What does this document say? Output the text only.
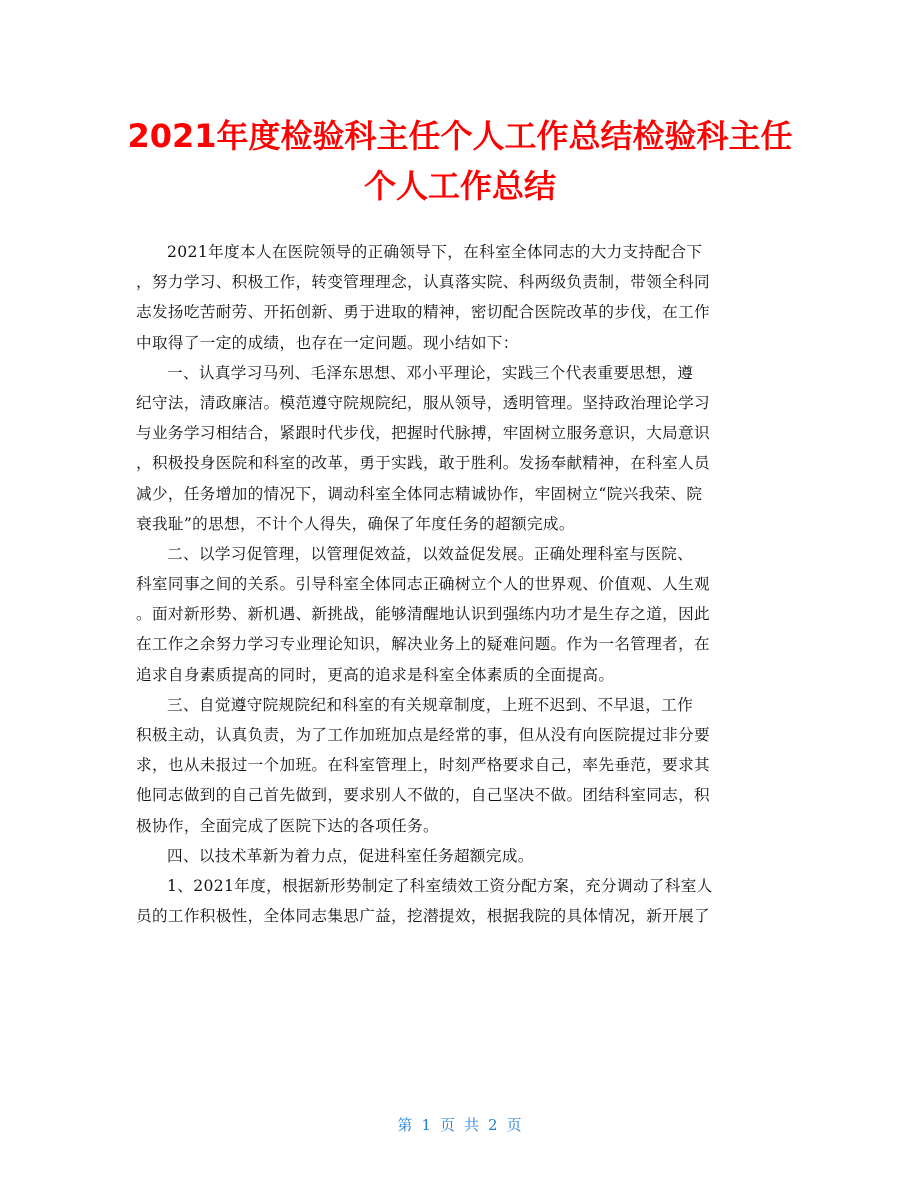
2021年度检验科主任个人工作总结检验科主任
个人工作总结
2021年度本人在医院领导的正确领导下，在科室全体同志的大力支持配合下
，努力学习、积极工作，转变管理理念，认真落实院、科两级负责制，带领全科同
志发扬吃苦耐劳、开拓创新、勇于进取的精神，密切配合医院改革的步伐，在工作
中取得了一定的成绩，也存在一定问题。现小结如下：
一、认真学习马列、毛泽东思想、邓小平理论，实践三个代表重要思想，遵
纪守法，清政廉洁。模范遵守院规院纪，服从领导，透明管理。坚持政治理论学习
与业务学习相结合，紧跟时代步伐，把握时代脉搏，牢固树立服务意识，大局意识
，积极投身医院和科室的改革，勇于实践，敢于胜利。发扬奉献精神，在科室人员
减少，任务增加的情况下，调动科室全体同志精诚协作，牢固树立“院兴我荣、院
衰我耻”的思想，不计个人得失，确保了年度任务的超额完成。
二、以学习促管理，以管理促效益，以效益促发展。正确处理科室与医院、
科室同事之间的关系。引导科室全体同志正确树立个人的世界观、价值观、人生观
。面对新形势、新机遇、新挑战，能够清醒地认识到强练内功才是生存之道，因此
在工作之余努力学习专业理论知识，解决业务上的疑难问题。作为一名管理者，在
追求自身素质提高的同时，更高的追求是科室全体素质的全面提高。
三、自觉遵守院规院纪和科室的有关规章制度，上班不迟到、不早退，工作
积极主动，认真负责，为了工作加班加点是经常的事，但从没有向医院提过非分要
求，也从未报过一个加班。在科室管理上，时刻严格要求自己，率先垂范，要求其
他同志做到的自己首先做到，要求别人不做的，自己坚决不做。团结科室同志，积
极协作，全面完成了医院下达的各项任务。
四、以技术革新为着力点，促进科室任务超额完成。
1、2021年度，根据新形势制定了科室绩效工资分配方案，充分调动了科室人
员的工作积极性，全体同志集思广益，挖潜提效，根据我院的具体情况，新开展了
第 1 页 共 2 页
